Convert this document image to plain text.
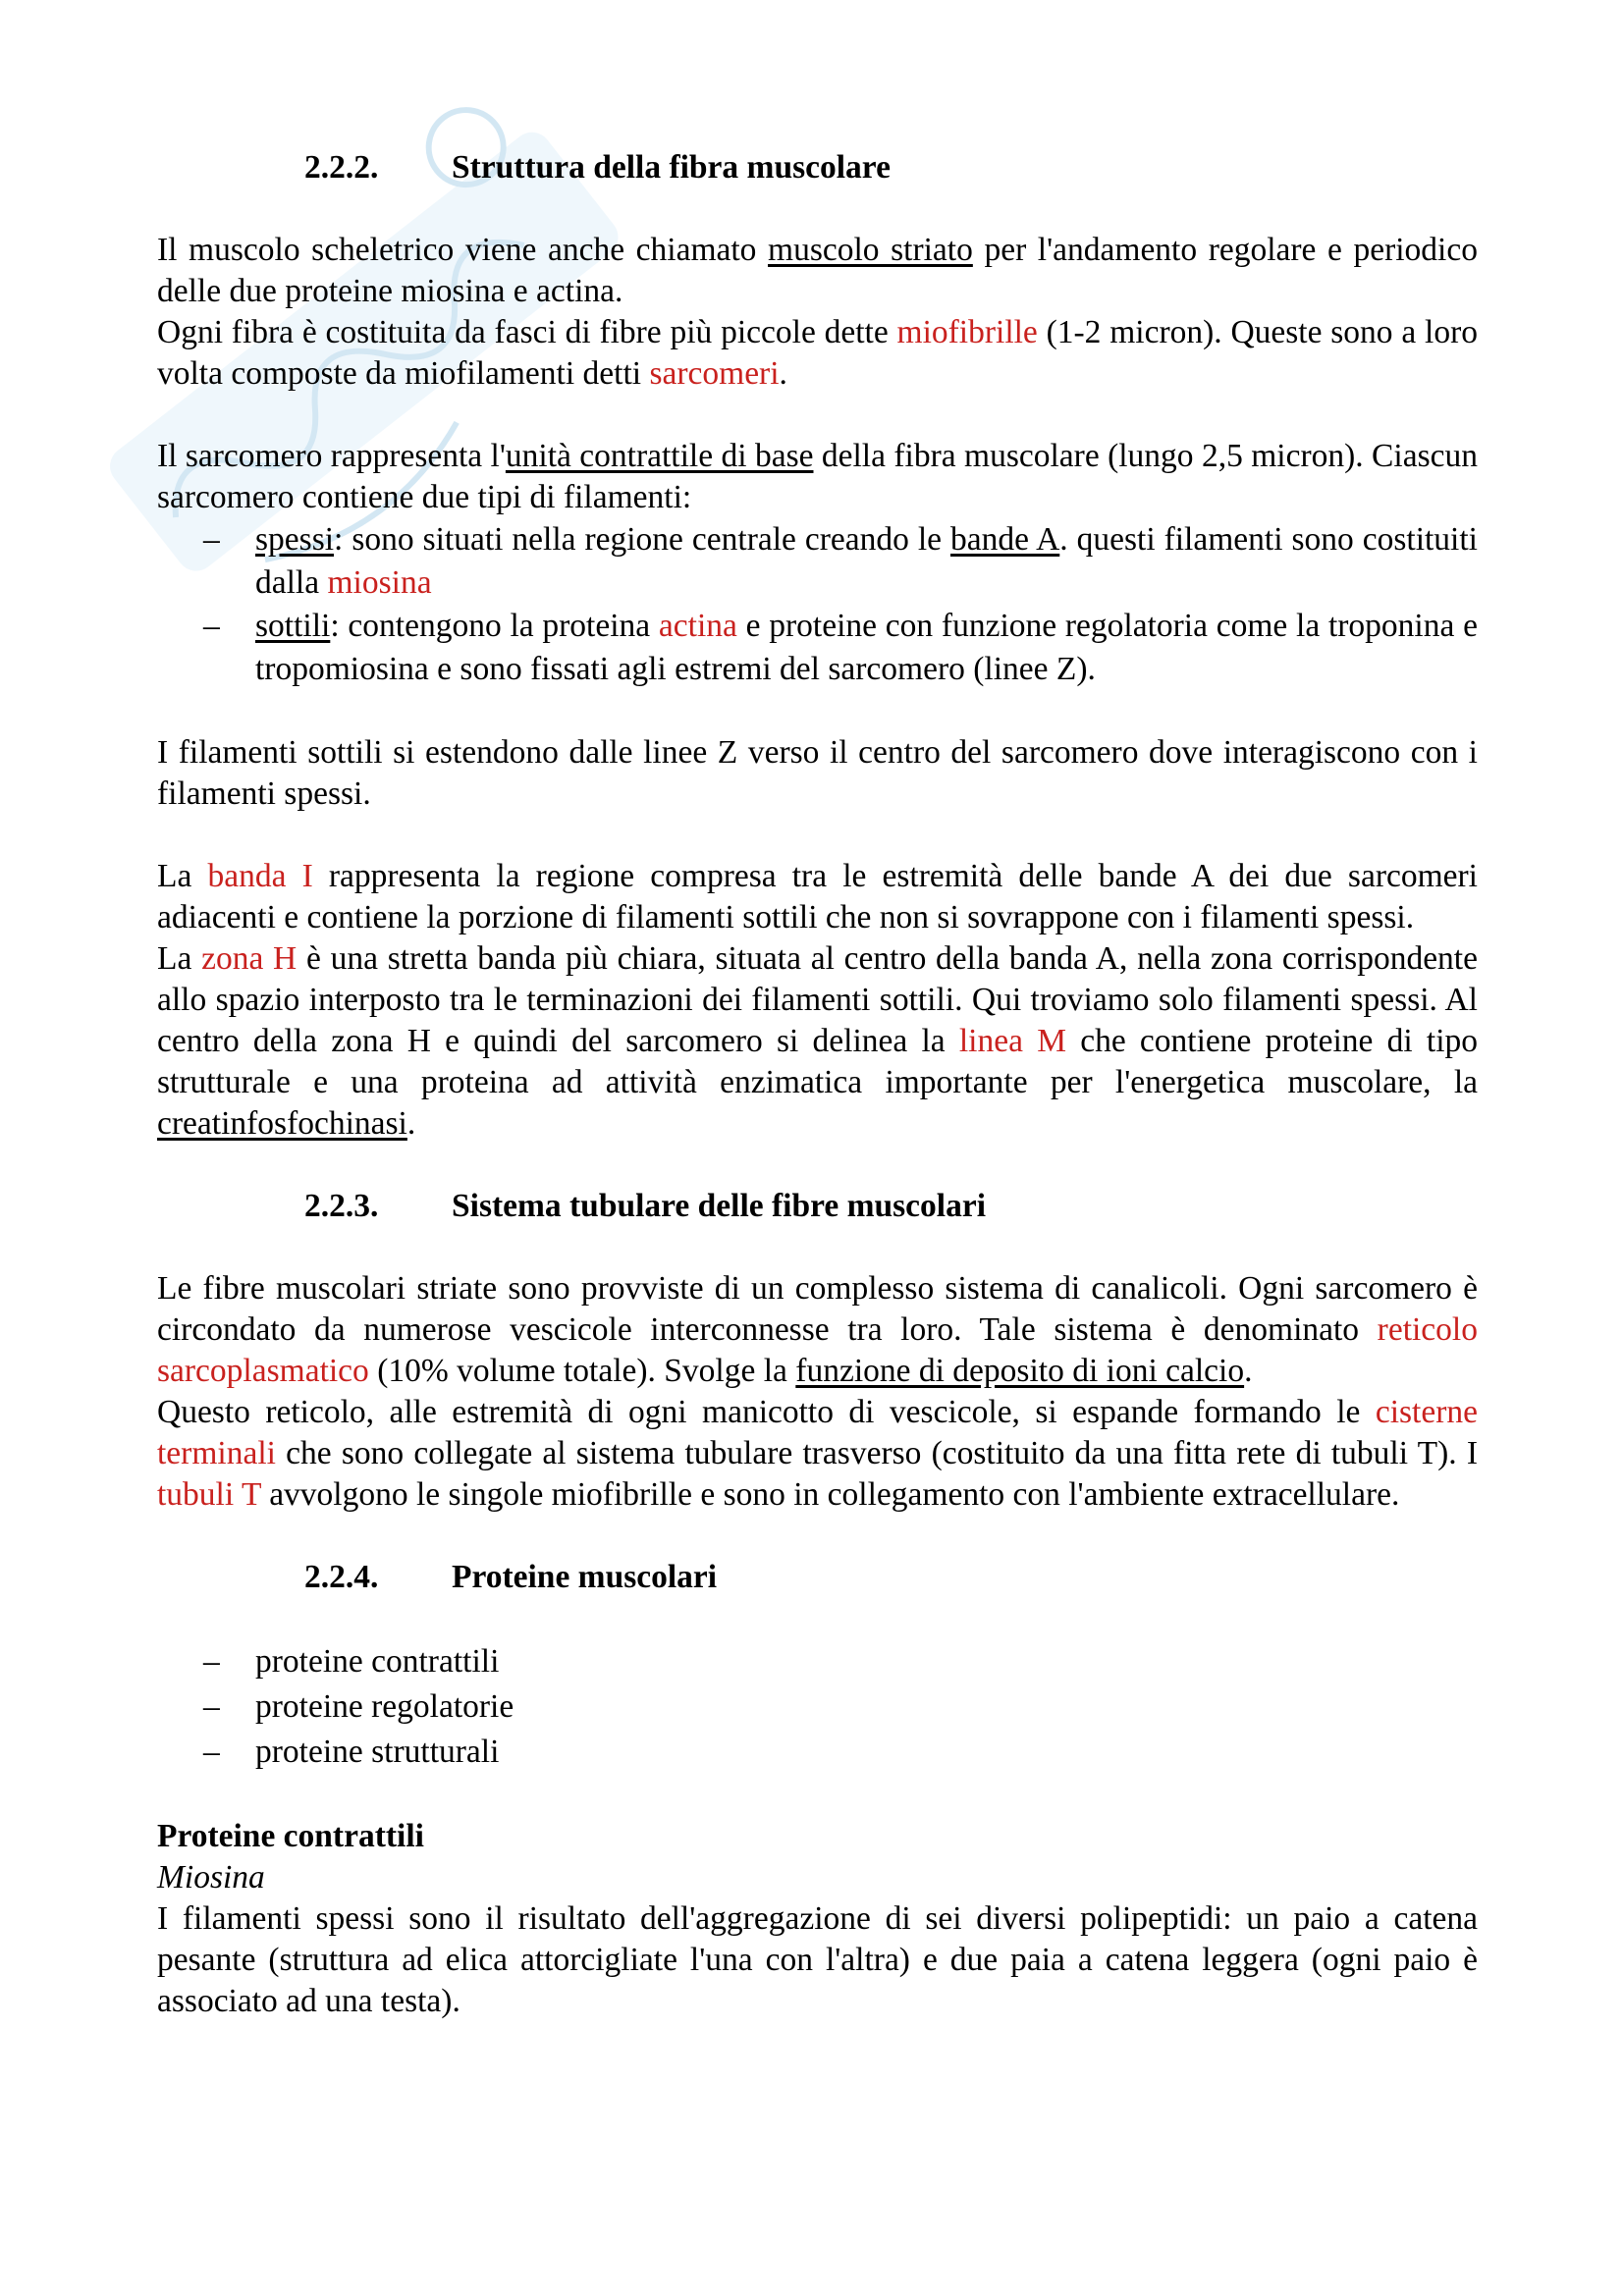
2.2.2.	Struttura della fibra muscolare

Il muscolo scheletrico viene anche chiamato muscolo striato per l'andamento regolare e periodico delle due proteine miosina e actina.

Ogni fibra è costituita da fasci di fibre più piccole dette miofibrille (1-2 micron). Queste sono a loro volta composte da miofilamenti detti sarcomeri.

Il sarcomero rappresenta l'unità contrattile di base della fibra muscolare (lungo 2,5 micron). Ciascun sarcomero contiene due tipi di filamenti:

– spessi: sono situati nella regione centrale creando le bande A. questi filamenti sono costituiti dalla miosina
– sottili: contengono la proteina actina e proteine con funzione regolatoria come la troponina e tropomiosina e sono fissati agli estremi del sarcomero (linee Z).

I filamenti sottili si estendono dalle linee Z verso il centro del sarcomero dove interagiscono con i filamenti spessi.

La banda I rappresenta la regione compresa tra le estremità delle bande A dei due sarcomeri adiacenti e contiene la porzione di filamenti sottili che non si sovrappone con i filamenti spessi.

La zona H è una stretta banda più chiara, situata al centro della banda A, nella zona corrispondente allo spazio interposto tra le terminazioni dei filamenti sottili. Qui troviamo solo filamenti spessi. Al centro della zona H e quindi del sarcomero si delinea la linea M che contiene proteine di tipo strutturale e una proteina ad attività enzimatica importante per l'energetica muscolare, la creatinfosfochinasi.

2.2.3.	Sistema tubulare delle fibre muscolari

Le fibre muscolari striate sono provviste di un complesso sistema di canalicoli. Ogni sarcomero è circondato da numerose vescicole interconnesse tra loro. Tale sistema è denominato reticolo sarcoplasmatico (10% volume totale). Svolge la funzione di deposito di ioni calcio.

Questo reticolo, alle estremità di ogni manicotto di vescicole, si espande formando le cisterne terminali che sono collegate al sistema tubulare trasverso (costituito da una fitta rete di tubuli T). I tubuli T avvolgono le singole miofibrille e sono in collegamento con l'ambiente extracellulare.

2.2.4.	Proteine muscolari
– proteine contrattili
– proteine regolatorie
– proteine strutturali

Proteine contrattili

Miosina

I filamenti spessi sono il risultato dell'aggregazione di sei diversi polipeptidi: un paio a catena pesante (struttura ad elica attorcigliate l'una con l'altra) e due paia a catena leggera (ogni paio è associato ad una testa).
